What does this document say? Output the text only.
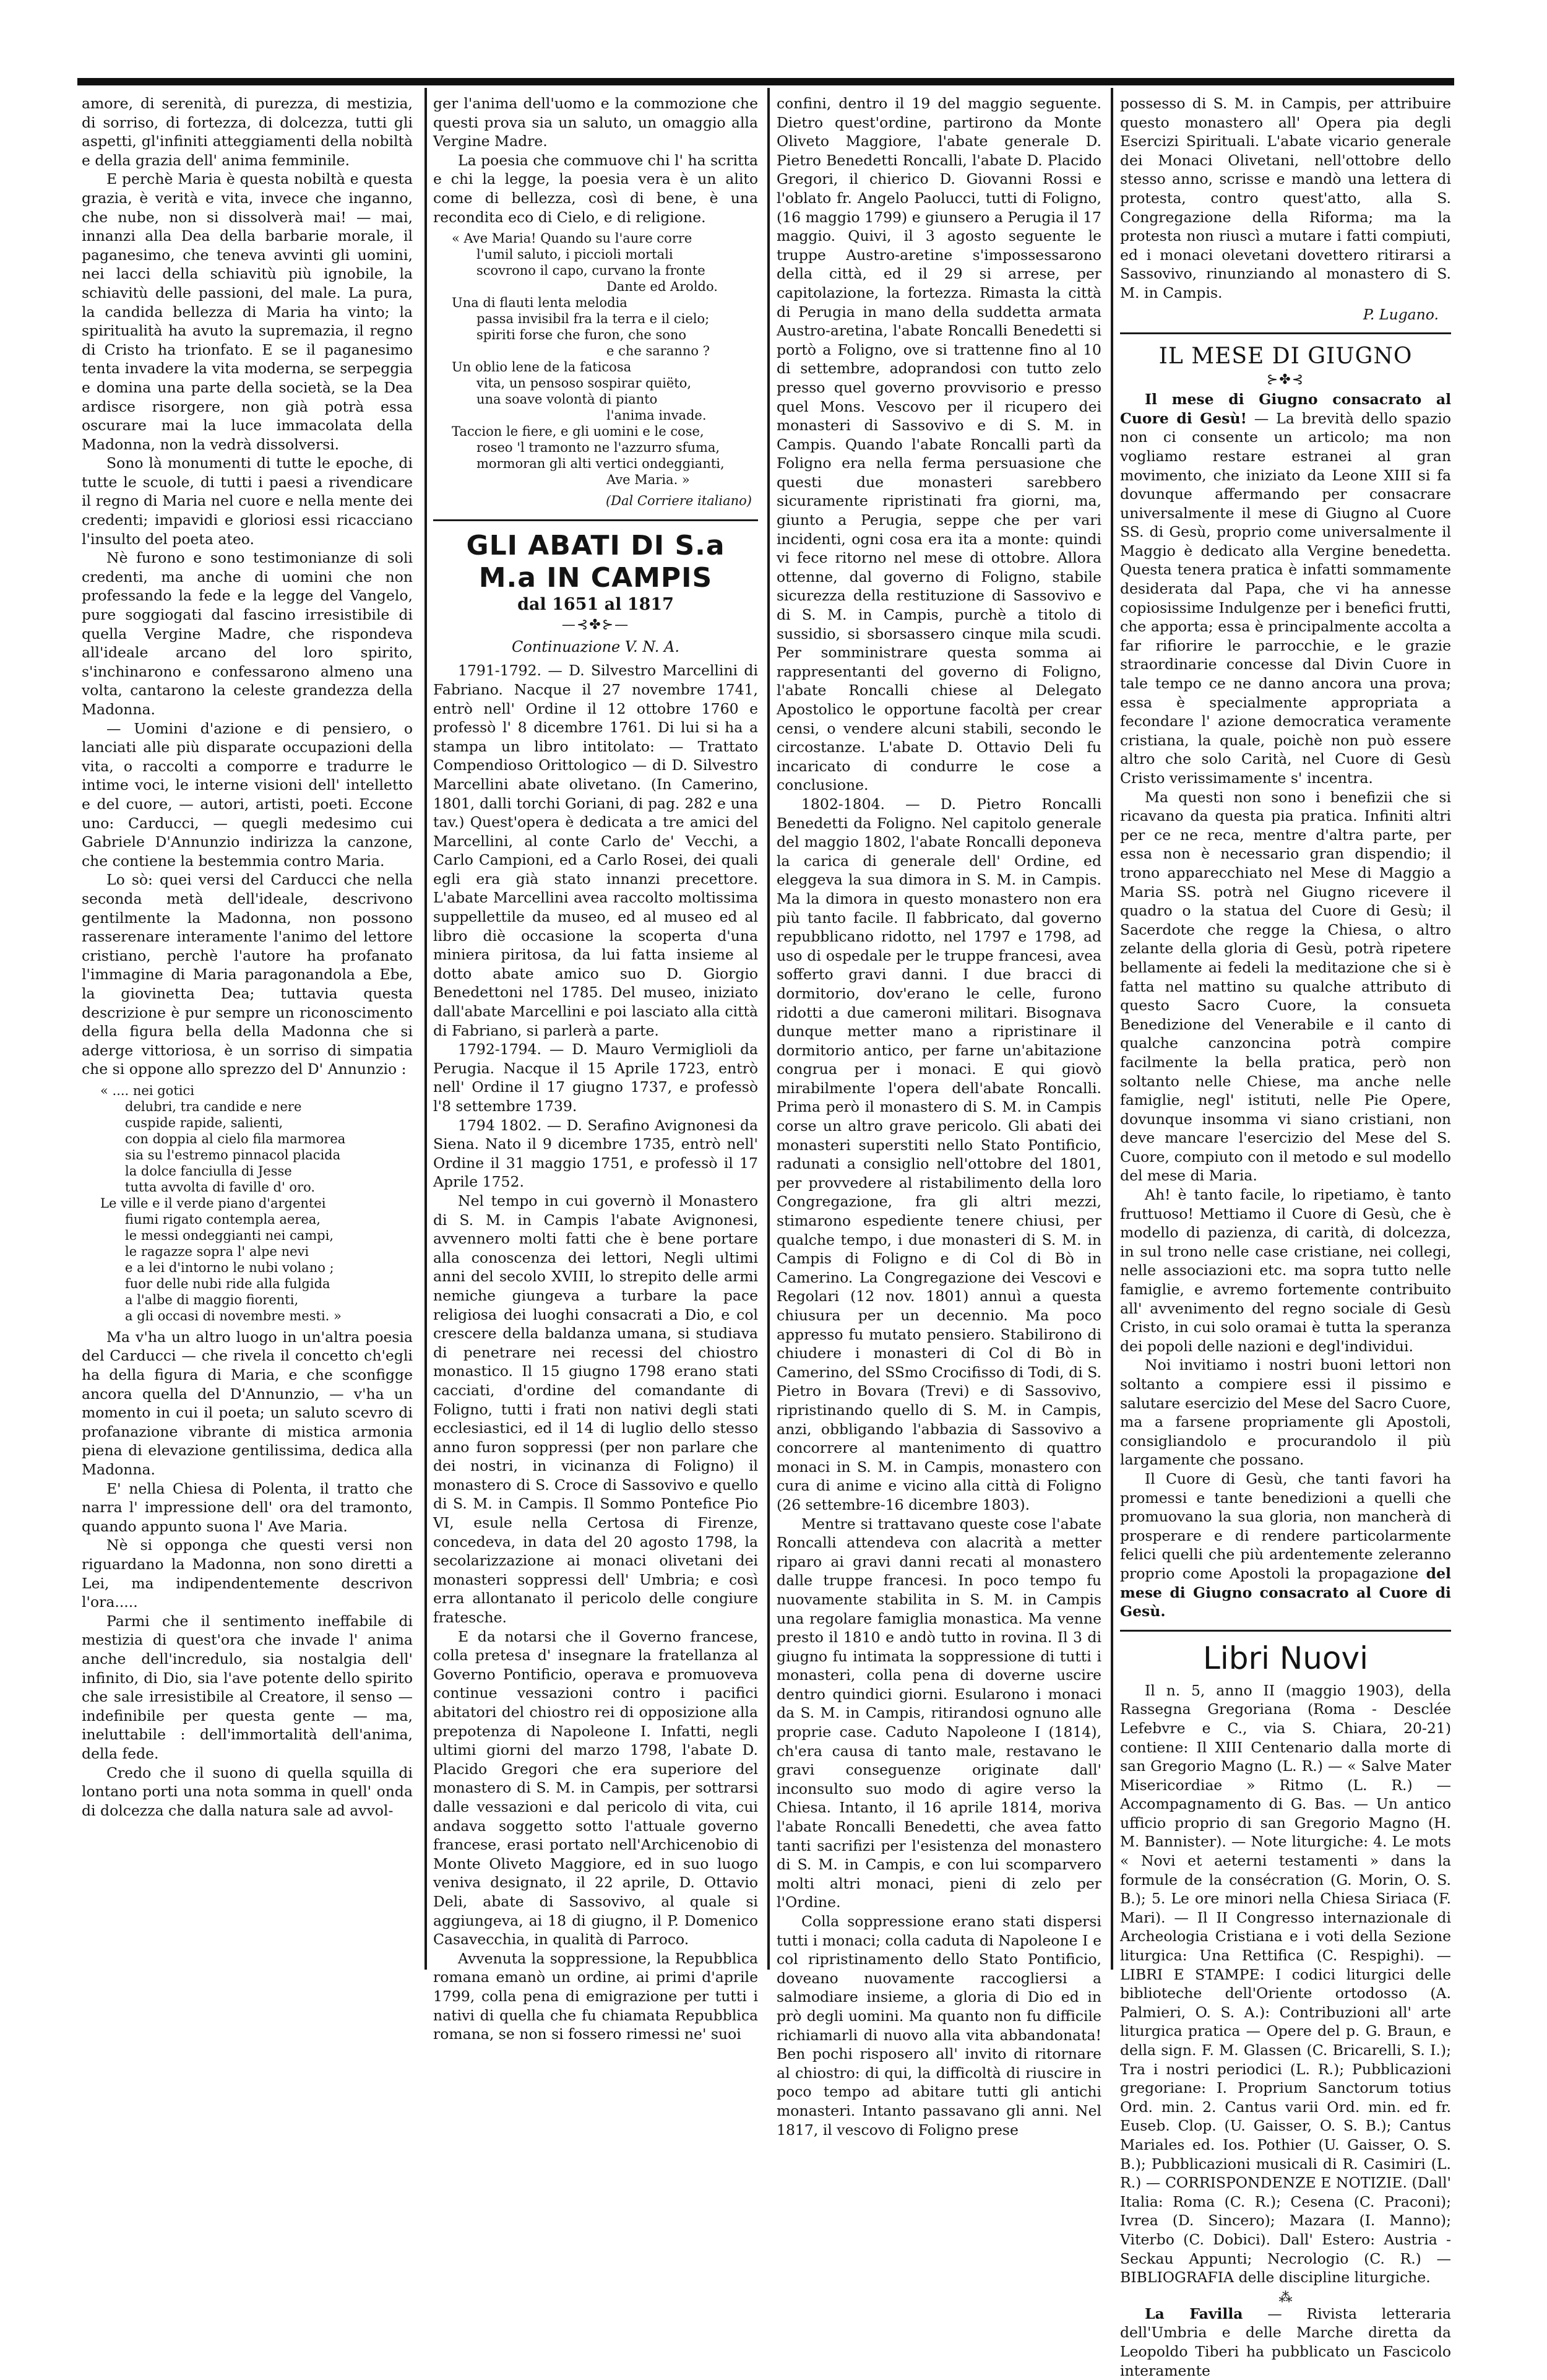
amore, di serenità, di purezza, di mestizia, di sorriso, di fortezza, di dolcezza, tutti gli aspetti, gl'infiniti atteggiamenti della nobiltà e della grazia dell' anima femminile.

E perchè Maria è questa nobiltà e questa grazia, è verità e vita, invece che inganno, che nube, non si dissolverà mai! — mai, innanzi alla Dea della barbarie morale, il paganesimo, che teneva avvinti gli uomini, nei lacci della schiavitù più ignobile, la schiavitù delle passioni, del male. La pura, la candida bellezza di Maria ha vinto; la spiritualità ha avuto la supremazia, il regno di Cristo ha trionfato. E se il paganesimo tenta invadere la vita moderna, se serpeggia e domina una parte della società, se la Dea ardisce risorgere, non già potrà essa oscurare mai la luce immacolata della Madonna, non la vedrà dissolversi.

Sono là monumenti di tutte le epoche, di tutte le scuole, di tutti i paesi a rivendicare il regno di Maria nel cuore e nella mente dei credenti; impavidi e gloriosi essi ricacciano l'insulto del poeta ateo.

Nè furono e sono testimonianze di soli credenti, ma anche di uomini che non professando la fede e la legge del Vangelo, pure soggiogati dal fascino irresistibile di quella Vergine Madre, che rispondeva all'ideale arcano del loro spirito, s'inchinarono e confessarono almeno una volta, cantarono la celeste grandezza della Madonna.

— Uomini d'azione e di pensiero, o lanciati alle più disparate occupazioni della vita, o raccolti a comporre e tradurre le intime voci, le interne visioni dell' intelletto e del cuore, — autori, artisti, poeti. Eccone uno: Carducci, — quegli medesimo cui Gabriele D'Annunzio indirizza la canzone, che contiene la bestemmia contro Maria.

Lo sò: quei versi del Carducci che nella seconda metà dell'ideale, descrivono gentilmente la Madonna, non possono rasserenare interamente l'animo del lettore cristiano, perchè l'autore ha profanato l'immagine di Maria paragonandola a Ebe, la giovinetta Dea; tuttavia questa descrizione è pur sempre un riconoscimento della figura bella della Madonna che si aderge vittoriosa, è un sorriso di simpatia che si oppone allo sprezzo del D' Annunzio :

« .... nei gotici
delubri, tra candide e nere
cuspide rapide, salienti,
con doppia al cielo fila marmorea
sia su l'estremo pinnacol placida
la dolce fanciulla di Jesse
tutta avvolta di faville d' oro.
Le ville e il verde piano d'argentei
fiumi rigato contempla aerea,
le messi ondeggianti nei campi,
le ragazze sopra l' alpe nevi
e a lei d'intorno le nubi volano ;
fuor delle nubi ride alla fulgida
a l'albe di maggio fiorenti,
a gli occasi di novembre mesti. »

Ma v'ha un altro luogo in un'altra poesia del Carducci — che rivela il concetto ch'egli ha della figura di Maria, e che sconfigge ancora quella del D'Annunzio, — v'ha un momento in cui il poeta; un saluto scevro di profanazione vibrante di mistica armonia piena di elevazione gentilissima, dedica alla Madonna.

E' nella Chiesa di Polenta, il tratto che narra l' impressione dell' ora del tramonto, quando appunto suona l' Ave Maria.

Nè si opponga che questi versi non riguardano la Madonna, non sono diretti a Lei, ma indipendentemente descrivon l'ora.....

Parmi che il sentimento ineffabile di mestizia di quest'ora che invade l' anima anche dell'incredulo, sia nostalgia dell' infinito, di Dio, sia l'ave potente dello spirito che sale irresistibile al Creatore, il senso — indefinibile per questa gente — ma, ineluttabile : dell'immortalità dell'anima, della fede.

Credo che il suono di quella squilla di lontano porti una nota somma in quell' onda di dolcezza che dalla natura sale ad avvol-

ger l'anima dell'uomo e la commozione che questi prova sia un saluto, un omaggio alla Vergine Madre.

La poesia che commuove chi l' ha scritta e chi la legge, la poesia vera è un alito come di bellezza, così di bene, è una recondita eco di Cielo, e di religione.

« Ave Maria! Quando su l'aure corre
l'umil saluto, i piccioli mortali
scovrono il capo, curvano la fronte
Dante ed Aroldo.
Una di flauti lenta melodia
passa invisibil fra la terra e il cielo;
spiriti forse che furon, che sono
e che saranno ?
Un oblio lene de la faticosa
vita, un pensoso sospirar quiëto,
una soave volontà di pianto
l'anima invade.
Taccion le fiere, e gli uomini e le cose,
roseo 'l tramonto ne l'azzurro sfuma,
mormoran gli alti vertici ondeggianti,
Ave Maria. »
(Dal Corriere italiano)
GLI ABATI DI S.a M.a IN CAMPIS
dal 1651 al 1817
—⊰✤⊱—
Continuazione V. N. A.

1791-1792. — D. Silvestro Marcellini di Fabriano. Nacque il 27 novembre 1741, entrò nell' Ordine il 12 ottobre 1760 e professò l' 8 dicembre 1761. Di lui si ha a stampa un libro intitolato: — Trattato Compendioso Orittologico — di D. Silvestro Marcellini abate olivetano. (In Camerino, 1801, dalli torchi Goriani, di pag. 282 e una tav.) Quest'opera è dedicata a tre amici del Marcellini, al conte Carlo de' Vecchi, a Carlo Campioni, ed a Carlo Rosei, dei quali egli era già stato innanzi precettore. L'abate Marcellini avea raccolto moltissima suppellettile da museo, ed al museo ed al libro diè occasione la scoperta d'una miniera piritosa, da lui fatta insieme al dotto abate amico suo D. Giorgio Benedettoni nel 1785. Del museo, iniziato dall'abate Marcellini e poi lasciato alla città di Fabriano, si parlerà a parte.

1792-1794. — D. Mauro Vermiglioli da Perugia. Nacque il 15 Aprile 1723, entrò nell' Ordine il 17 giugno 1737, e professò l'8 settembre 1739.

1794 1802. — D. Serafino Avignonesi da Siena. Nato il 9 dicembre 1735, entrò nell' Ordine il 31 maggio 1751, e professò il 17 Aprile 1752.

Nel tempo in cui governò il Monastero di S. M. in Campis l'abate Avignonesi, avvennero molti fatti che è bene portare alla conoscenza dei lettori, Negli ultimi anni del secolo XVIII, lo strepito delle armi nemiche giungeva a turbare la pace religiosa dei luoghi consacrati a Dio, e col crescere della baldanza umana, si studiava di penetrare nei recessi del chiostro monastico. Il 15 giugno 1798 erano stati cacciati, d'ordine del comandante di Foligno, tutti i frati non nativi degli stati ecclesiastici, ed il 14 di luglio dello stesso anno furon soppressi (per non parlare che dei nostri, in vicinanza di Foligno) il monastero di S. Croce di Sassovivo e quello di S. M. in Campis. Il Sommo Pontefice Pio VI, esule nella Certosa di Firenze, concedeva, in data del 20 agosto 1798, la secolarizzazione ai monaci olivetani dei monasteri soppressi dell' Umbria; e così erra allontanato il pericolo delle congiure fratesche.

E da notarsi che il Governo francese, colla pretesa d' insegnare la fratellanza al Governo Pontificio, operava e promuoveva continue vessazioni contro i pacifici abitatori del chiostro rei di opposizione alla prepotenza di Napoleone I. Infatti, negli ultimi giorni del marzo 1798, l'abate D. Placido Gregori che era superiore del monastero di S. M. in Campis, per sottrarsi dalle vessazioni e dal pericolo di vita, cui andava soggetto sotto l'attuale governo francese, erasi portato nell'Archicenobio di Monte Oliveto Maggiore, ed in suo luogo veniva designato, il 22 aprile, D. Ottavio Deli, abate di Sassovivo, al quale si aggiungeva, ai 18 di giugno, il P. Domenico Casavecchia, in qualità di Parroco.

Avvenuta la soppressione, la Repubblica romana emanò un ordine, ai primi d'aprile 1799, colla pena di emigrazione per tutti i nativi di quella che fu chiamata Repubblica romana, se non si fossero rimessi ne' suoi

confini, dentro il 19 del maggio seguente. Dietro quest'ordine, partirono da Monte Oliveto Maggiore, l'abate generale D. Pietro Benedetti Roncalli, l'abate D. Placido Gregori, il chierico D. Giovanni Rossi e l'oblato fr. Angelo Paolucci, tutti di Foligno, (16 maggio 1799) e giunsero a Perugia il 17 maggio. Quivi, il 3 agosto seguente le truppe Austro-aretine s'impossessarono della città, ed il 29 si arrese, per capitolazione, la fortezza. Rimasta la città di Perugia in mano della suddetta armata Austro-aretina, l'abate Roncalli Benedetti si portò a Foligno, ove si trattenne fino al 10 di settembre, adoprandosi con tutto zelo presso quel governo provvisorio e presso quel Mons. Vescovo per il ricupero dei monasteri di Sassovivo e di S. M. in Campis. Quando l'abate Roncalli partì da Foligno era nella ferma persuasione che questi due monasteri sarebbero sicuramente ripristinati fra giorni, ma, giunto a Perugia, seppe che per vari incidenti, ogni cosa era ita a monte: quindi vi fece ritorno nel mese di ottobre. Allora ottenne, dal governo di Foligno, stabile sicurezza della restituzione di Sassovivo e di S. M. in Campis, purchè a titolo di sussidio, si sborsassero cinque mila scudi. Per somministrare questa somma ai rappresentanti del governo di Foligno, l'abate Roncalli chiese al Delegato Apostolico le opportune facoltà per crear censi, o vendere alcuni stabili, secondo le circostanze. L'abate D. Ottavio Deli fu incaricato di condurre le cose a conclusione.

1802-1804. — D. Pietro Roncalli Benedetti da Foligno. Nel capitolo generale del maggio 1802, l'abate Roncalli deponeva la carica di generale dell' Ordine, ed eleggeva la sua dimora in S. M. in Campis. Ma la dimora in questo monastero non era più tanto facile. Il fabbricato, dal governo repubblicano ridotto, nel 1797 e 1798, ad uso di ospedale per le truppe francesi, avea sofferto gravi danni. I due bracci di dormitorio, dov'erano le celle, furono ridotti a due cameroni militari. Bisognava dunque metter mano a ripristinare il dormitorio antico, per farne un'abitazione congrua per i monaci. E qui giovò mirabilmente l'opera dell'abate Roncalli. Prima però il monastero di S. M. in Campis corse un altro grave pericolo. Gli abati dei monasteri superstiti nello Stato Pontificio, radunati a consiglio nell'ottobre del 1801, per provvedere al ristabilimento della loro Congregazione, fra gli altri mezzi, stimarono espediente tenere chiusi, per qualche tempo, i due monasteri di S. M. in Campis di Foligno e di Col di Bò in Camerino. La Congregazione dei Vescovi e Regolari (12 nov. 1801) annuì a questa chiusura per un decennio. Ma poco appresso fu mutato pensiero. Stabilirono di chiudere i monasteri di Col di Bò in Camerino, del SSmo Crocifisso di Todi, di S. Pietro in Bovara (Trevi) e di Sassovivo, ripristinando quello di S. M. in Campis, anzi, obbligando l'abbazia di Sassovivo a concorrere al mantenimento di quattro monaci in S. M. in Campis, monastero con cura di anime e vicino alla città di Foligno (26 settembre-16 dicembre 1803).

Mentre si trattavano queste cose l'abate Roncalli attendeva con alacrità a metter riparo ai gravi danni recati al monastero dalle truppe francesi. In poco tempo fu nuovamente stabilita in S. M. in Campis una regolare famiglia monastica. Ma venne presto il 1810 e andò tutto in rovina. Il 3 di giugno fu intimata la soppressione di tutti i monasteri, colla pena di doverne uscire dentro quindici giorni. Esularono i monaci da S. M. in Campis, ritirandosi ognuno alle proprie case. Caduto Napoleone I (1814), ch'era causa di tanto male, restavano le gravi conseguenze originate dall' inconsulto suo modo di agire verso la Chiesa. Intanto, il 16 aprile 1814, moriva l'abate Roncalli Benedetti, che avea fatto tanti sacrifizi per l'esistenza del monastero di S. M. in Campis, e con lui scomparvero molti altri monaci, pieni di zelo per l'Ordine.

Colla soppressione erano stati dispersi tutti i monaci; colla caduta di Napoleone I e col ripristinamento dello Stato Pontificio, doveano nuovamente raccogliersi a salmodiare insieme, a gloria di Dio ed in prò degli uomini. Ma quanto non fu difficile richiamarli di nuovo alla vita abbandonata! Ben pochi risposero all' invito di ritornare al chiostro: di qui, la difficoltà di riuscire in poco tempo ad abitare tutti gli antichi monasteri. Intanto passavano gli anni. Nel 1817, il vescovo di Foligno prese

possesso di S. M. in Campis, per attribuire questo monastero all' Opera pia degli Esercizi Spirituali. L'abate vicario generale dei Monaci Olivetani, nell'ottobre dello stesso anno, scrisse e mandò una lettera di protesta, contro quest'atto, alla S. Congregazione della Riforma; ma la protesta non riuscì a mutare i fatti compiuti, ed i monaci olevetani dovettero ritirarsi a Sassovivo, rinunziando al monastero di S. M. in Campis.

P. Lugano.
IL MESE DI GIUGNO
⊱✤⊰

Il mese di Giugno consacrato al Cuore di Gesù! — La brevità dello spazio non ci consente un articolo; ma non vogliamo restare estranei al gran movimento, che iniziato da Leone XIII si fa dovunque affermando per consacrare universalmente il mese di Giugno al Cuore SS. di Gesù, proprio come universalmente il Maggio è dedicato alla Vergine benedetta. Questa tenera pratica è infatti sommamente desiderata dal Papa, che vi ha annesse copiosissime Indulgenze per i benefici frutti, che apporta; essa è principalmente accolta a far rifiorire le parrocchie, e le grazie straordinarie concesse dal Divin Cuore in tale tempo ce ne danno ancora una prova; essa è specialmente appropriata a fecondare l' azione democratica veramente cristiana, la quale, poichè non può essere altro che solo Carità, nel Cuore di Gesù Cristo verissimamente s' incentra.

Ma questi non sono i benefizii che si ricavano da questa pia pratica. Infiniti altri per ce ne reca, mentre d'altra parte, per essa non è necessario gran dispendio; il trono apparecchiato nel Mese di Maggio a Maria SS. potrà nel Giugno ricevere il quadro o la statua del Cuore di Gesù; il Sacerdote che regge la Chiesa, o altro zelante della gloria di Gesù, potrà ripetere bellamente ai fedeli la meditazione che si è fatta nel mattino su qualche attributo di questo Sacro Cuore, la consueta Benedizione del Venerabile e il canto di qualche canzoncina potrà compire facilmente la bella pratica, però non soltanto nelle Chiese, ma anche nelle famiglie, negl' istituti, nelle Pie Opere, dovunque insomma vi siano cristiani, non deve mancare l'esercizio del Mese del S. Cuore, compiuto con il metodo e sul modello del mese di Maria.

Ah! è tanto facile, lo ripetiamo, è tanto fruttuoso! Mettiamo il Cuore di Gesù, che è modello di pazienza, di carità, di dolcezza, in sul trono nelle case cristiane, nei collegi, nelle associazioni etc. ma sopra tutto nelle famiglie, e avremo fortemente contribuito all' avvenimento del regno sociale di Gesù Cristo, in cui solo oramai è tutta la speranza dei popoli delle nazioni e degl'individui.

Noi invitiamo i nostri buoni lettori non soltanto a compiere essi il pissimo e salutare esercizio del Mese del Sacro Cuore, ma a farsene propriamente gli Apostoli, consigliandolo e procurandolo il più largamente che possano.

Il Cuore di Gesù, che tanti favori ha promessi e tante benedizioni a quelli che promuovano la sua gloria, non mancherà di prosperare e di rendere particolarmente felici quelli che più ardentemente zeleranno proprio come Apostoli la propagazione del mese di Giugno consacrato al Cuore di Gesù.

Libri Nuovi

Il n. 5, anno II (maggio 1903), della Rassegna Gregoriana (Roma - Desclée Lefebvre e C., via S. Chiara, 20-21) contiene: Il XIII Centenario dalla morte di san Gregorio Magno (L. R.) — « Salve Mater Misericordiae » Ritmo (L. R.) — Accompagnamento di G. Bas. — Un antico ufficio proprio di san Gregorio Magno (H. M. Bannister). — Note liturgiche: 4. Le mots « Novi et aeterni testamenti » dans la formule de la consécration (G. Morin, O. S. B.); 5. Le ore minori nella Chiesa Siriaca (F. Mari). — Il II Congresso internazionale di Archeologia Cristiana e i voti della Sezione liturgica: Una Rettifica (C. Respighi). — LIBRI E STAMPE: I codici liturgici delle biblioteche dell'Oriente ortodosso (A. Palmieri, O. S. A.): Contribuzioni all' arte liturgica pratica — Opere del p. G. Braun, e della sign. F. M. Glassen (C. Bricarelli, S. I.); Tra i nostri periodici (L. R.); Pubblicazioni gregoriane: I. Proprium Sanctorum totius Ord. min. 2. Cantus varii Ord. min. ed fr. Euseb. Clop. (U. Gaisser, O. S. B.); Cantus Mariales ed. Ios. Pothier (U. Gaisser, O. S. B.); Pubblicazioni musicali di R. Casimiri (L. R.) — CORRISPONDENZE E NOTIZIE. (Dall' Italia: Roma (C. R.); Cesena (C. Praconi); Ivrea (D. Sincero); Mazara (I. Manno); Viterbo (C. Dobici). Dall' Estero: Austria - Seckau Appunti; Necrologio (C. R.) — BIBLIOGRAFIA delle discipline liturgiche.

⁂

La Favilla — Rivista letteraria dell'Umbria e delle Marche diretta da Leopoldo Tiberi ha pubblicato un Fascicolo interamente
